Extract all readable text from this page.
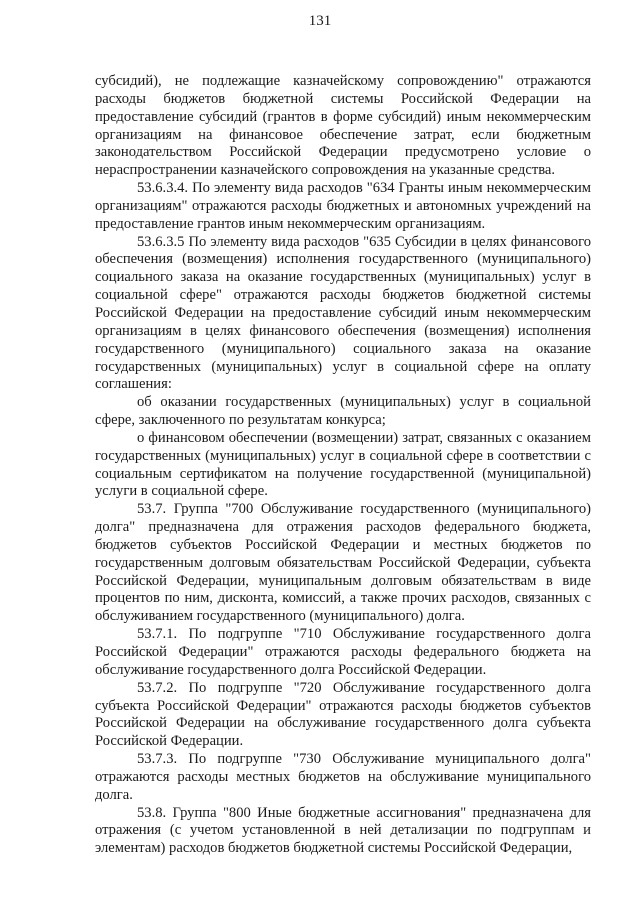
131

субсидий), не подлежащие казначейскому сопровождению" отражаются расходы бюджетов бюджетной системы Российской Федерации на предоставление субсидий (грантов в форме субсидий) иным некоммерческим организациям на финансовое обеспечение затрат, если бюджетным законодательством Российской Федерации предусмотрено условие о нераспространении казначейского сопровождения на указанные средства.

53.6.3.4. По элементу вида расходов "634 Гранты иным некоммерческим организациям" отражаются расходы бюджетных и автономных учреждений на предоставление грантов иным некоммерческим организациям.

53.6.3.5 По элементу вида расходов "635 Субсидии в целях финансового обеспечения (возмещения) исполнения государственного (муниципального) социального заказа на оказание государственных (муниципальных) услуг в социальной сфере" отражаются расходы бюджетов бюджетной системы Российской Федерации на предоставление субсидий иным некоммерческим организациям в целях финансового обеспечения (возмещения) исполнения государственного (муниципального) социального заказа на оказание государственных (муниципальных) услуг в социальной сфере на оплату соглашения:

об оказании государственных (муниципальных) услуг в социальной сфере, заключенного по результатам конкурса;

о финансовом обеспечении (возмещении) затрат, связанных с оказанием государственных (муниципальных) услуг в социальной сфере в соответствии с социальным сертификатом на получение государственной (муниципальной) услуги в социальной сфере.

53.7. Группа "700 Обслуживание государственного (муниципального) долга" предназначена для отражения расходов федерального бюджета, бюджетов субъектов Российской Федерации и местных бюджетов по государственным долговым обязательствам Российской Федерации, субъекта Российской Федерации, муниципальным долговым обязательствам в виде процентов по ним, дисконта, комиссий, а также прочих расходов, связанных с обслуживанием государственного (муниципального) долга.

53.7.1. По подгруппе "710 Обслуживание государственного долга Российской Федерации" отражаются расходы федерального бюджета на обслуживание государственного долга Российской Федерации.

53.7.2. По подгруппе "720 Обслуживание государственного долга субъекта Российской Федерации" отражаются расходы бюджетов субъектов Российской Федерации на обслуживание государственного долга субъекта Российской Федерации.

53.7.3. По подгруппе "730 Обслуживание муниципального долга" отражаются расходы местных бюджетов на обслуживание муниципального долга.

53.8. Группа "800 Иные бюджетные ассигнования" предназначена для отражения (с учетом установленной в ней детализации по подгруппам и элементам) расходов бюджетов бюджетной системы Российской Федерации,
